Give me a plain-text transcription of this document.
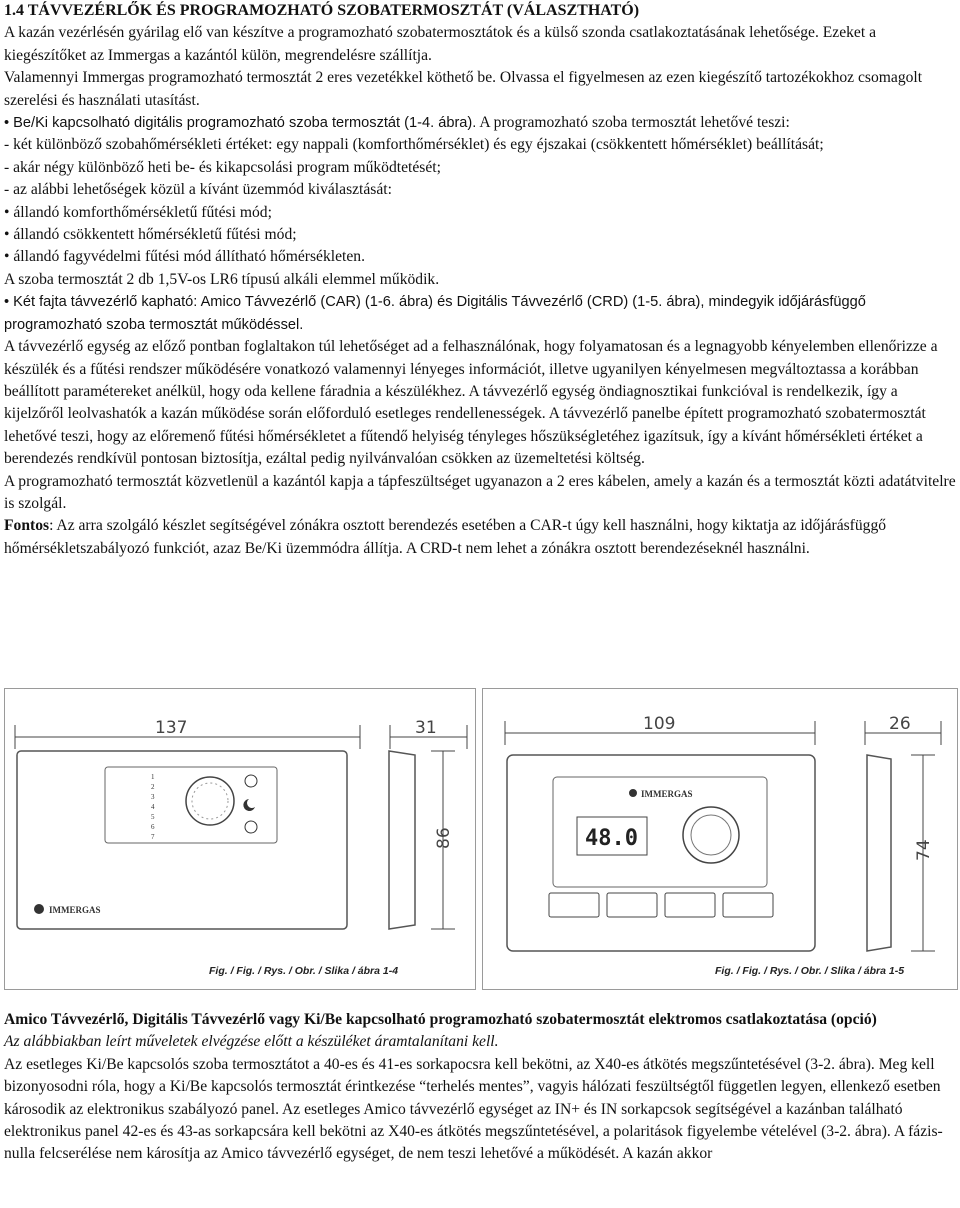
1.4 TÁVVEZÉRLŐK ÉS PROGRAMOZHATÓ SZOBATERMOSZTÁT (VÁLASZTHATÓ)

A kazán vezérlésén gyárilag elő van készítve a programozható szobatermosztátok és a külső szonda csatlakoztatásának lehetősége. Ezeket a kiegészítőket az Immergas a kazántól külön, megrendelésre szállítja.

Valamennyi Immergas programozható termosztát 2 eres vezetékkel köthető be. Olvassa el figyelmesen az ezen kiegészítő tartozékokhoz csomagolt szerelési és használati utasítást.

• Be/Ki kapcsolható digitális programozható szoba termosztát (1-4. ábra). A programozható szoba termosztát lehetővé teszi:

- két különböző szobahőmérsékleti értéket: egy nappali (komforthőmérséklet) és egy éjszakai (csökkentett hőmérséklet) beállítását;

- akár négy különböző heti be- és kikapcsolási program működtetését;

- az alábbi lehetőségek közül a kívánt üzemmód kiválasztását:

• állandó komforthőmérsékletű fűtési mód;

• állandó csökkentett hőmérsékletű fűtési mód;

• állandó fagyvédelmi fűtési mód állítható hőmérsékleten.

A szoba termosztát 2 db 1,5V-os LR6 típusú alkáli elemmel működik.

• Két fajta távvezérlő kapható: Amico Távvezérlő (CAR) (1-6. ábra) és Digitális Távvezérlő (CRD) (1-5. ábra), mindegyik időjárásfüggő programozható szoba termosztát működéssel.

A távvezérlő egység az előző pontban foglaltakon túl lehetőséget ad a felhasználónak, hogy folyamatosan és a legnagyobb kényelemben ellenőrizze a készülék és a fűtési rendszer működésére vonatkozó valamennyi lényeges információt, illetve ugyanilyen kényelmesen megváltoztassa a korábban beállított paramétereket anélkül, hogy oda kellene fáradnia a készülékhez. A távvezérlő egység öndiagnosztikai funkcióval is rendelkezik, így a kijelzőről leolvashatók a kazán működése során előforduló esetleges rendellenességek. A távvezérlő panelbe épített programozható szobatermosztát lehetővé teszi, hogy az előremenő fűtési hőmérsékletet a fűtendő helyiség tényleges hőszükségletéhez igazítsuk, így a kívánt hőmérsékleti értéket a berendezés rendkívül pontosan biztosítja, ezáltal pedig nyilvánvalóan csökken az üzemeltetési költség.

A programozható termosztát közvetlenül a kazántól kapja a tápfeszültséget ugyanazon a 2 eres kábelen, amely a kazán és a termosztát közti adatátvitelre is szolgál.

Fontos: Az arra szolgáló készlet segítségével zónákra osztott berendezés esetében a CAR-t úgy kell használni, hogy kiktatja az időjárásfüggő hőmérsékletszabályozó funkciót, azaz Be/Ki üzemmódra állítja. A CRD-t nem lehet a zónákra osztott berendezéseknél használni.

137	31
1
2
3
4
5
6
7
IMMERGAS
86
Fig. / Fig. / Rys. / Obr. / Slika / ábra 1-4
109	26
IMMERGAS
48.0	74
Fig. / Fig. / Rys. / Obr. / Slika / ábra 1-5

Amico Távvezérlő, Digitális Távvezérlő vagy Ki/Be kapcsolható programozható szobatermosztát elektromos csatlakoztatása (opció)

Az alábbiakban leírt műveletek elvégzése előtt a készüléket áramtalanítani kell.

Az esetleges Ki/Be kapcsolós szoba termosztátot a 40-es és 41-es sorkapocsra kell bekötni, az X40-es átkötés megszűntetésével (3-2. ábra). Meg kell bizonyosodni róla, hogy a Ki/Be kapcsolós termosztát érintkezése “terhelés mentes”, vagyis hálózati feszültségtől független legyen, ellenkező esetben károsodik az elektronikus szabályozó panel. Az esetleges Amico távvezérlő egységet az IN+ és IN sorkapcsok segítségével a kazánban található elektronikus panel 42-es és 43-as sorkapcsára kell bekötni az X40-es átkötés megszűntetésével, a polaritások figyelembe vételével (3-2. ábra). A fázis-nulla felcserélése nem károsítja az Amico távvezérlő egységet, de nem teszi lehetővé a működését. A kazán akkor
